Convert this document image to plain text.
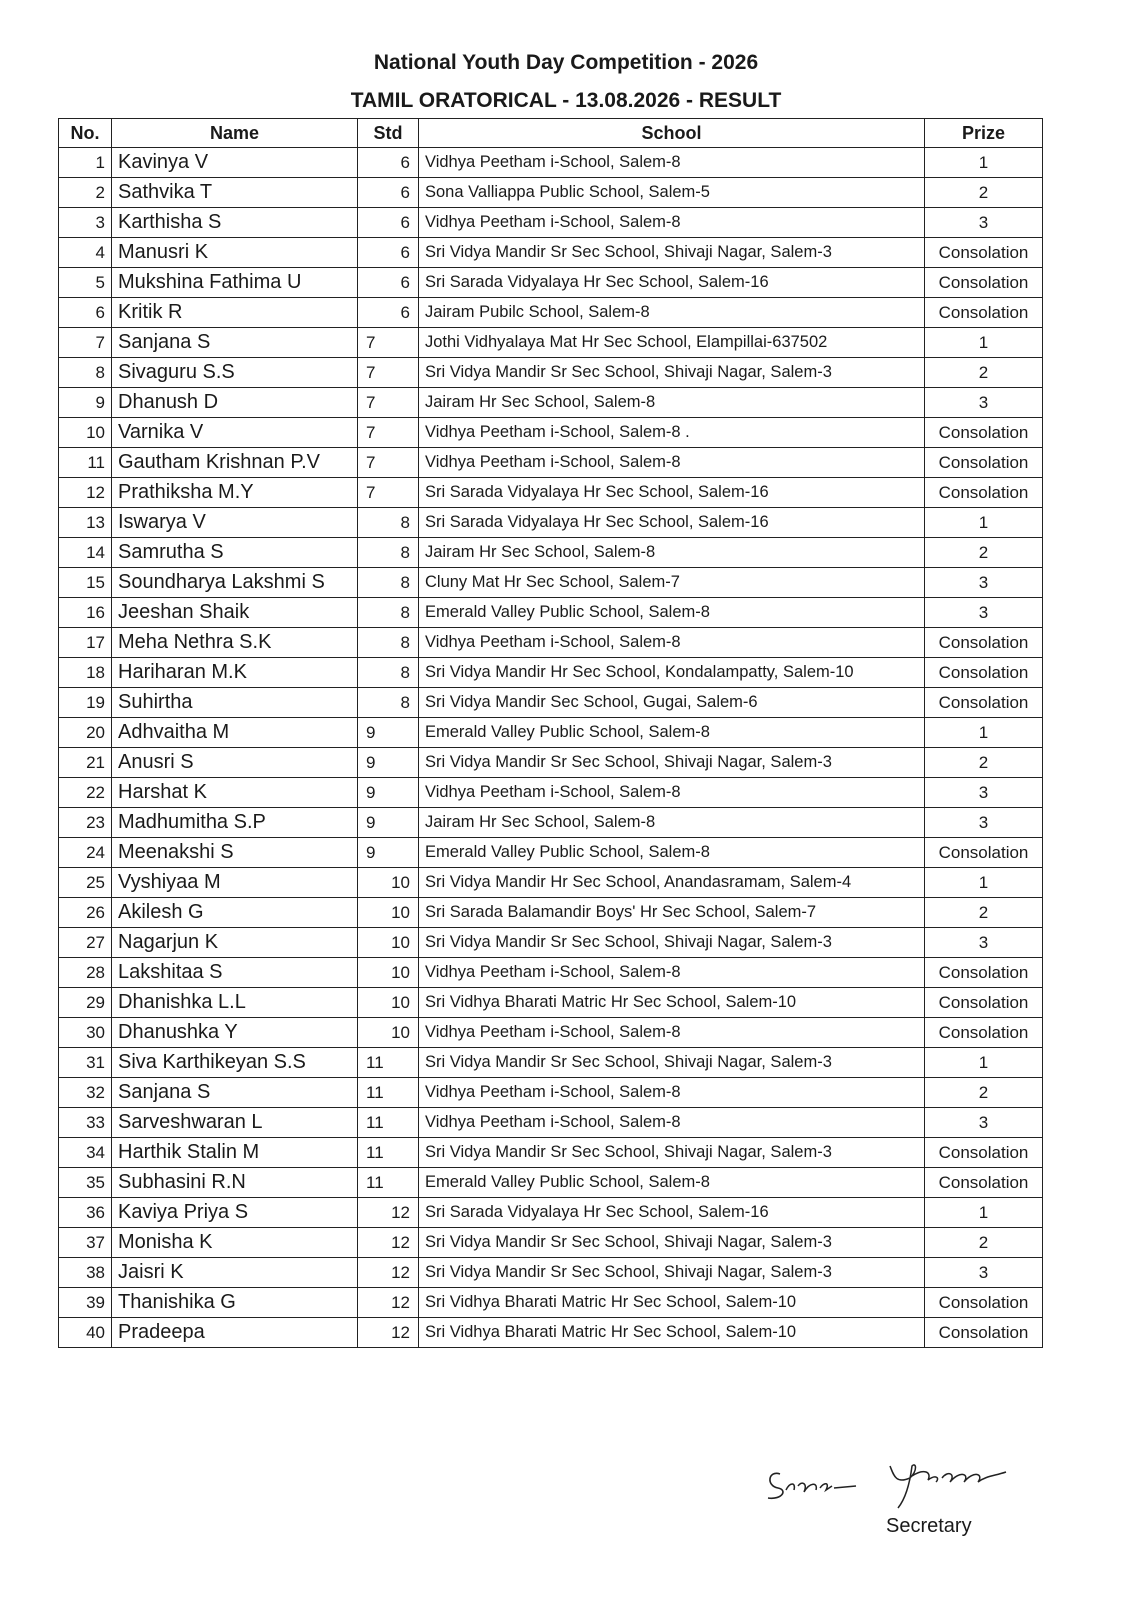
National Youth Day Competition - 2026
TAMIL ORATORICAL - 13.08.2026 - RESULT
No.	Name	Std	School	Prize
1	Kavinya V	6	Vidhya Peetham i-School, Salem-8	1
2	Sathvika T	6	Sona Valliappa Public School, Salem-5	2
3	Karthisha S	6	Vidhya Peetham i-School, Salem-8	3
4	Manusri K	6	Sri Vidya Mandir Sr Sec School, Shivaji Nagar, Salem-3	Consolation
5	Mukshina Fathima U	6	Sri Sarada Vidyalaya Hr Sec School, Salem-16	Consolation
6	Kritik R	6	Jairam Pubilc School, Salem-8	Consolation
7	Sanjana S	7	Jothi Vidhyalaya Mat Hr Sec School, Elampillai-637502	1
8	Sivaguru S.S	7	Sri Vidya Mandir Sr Sec School, Shivaji Nagar, Salem-3	2
9	Dhanush D	7	Jairam Hr Sec School, Salem-8	3
10	Varnika V	7	Vidhya Peetham i-School, Salem-8 .	Consolation
11	Gautham Krishnan P.V	7	Vidhya Peetham i-School, Salem-8	Consolation
12	Prathiksha M.Y	7	Sri Sarada Vidyalaya Hr Sec School, Salem-16	Consolation
13	Iswarya V	8	Sri Sarada Vidyalaya Hr Sec School, Salem-16	1
14	Samrutha S	8	Jairam Hr Sec School, Salem-8	2
15	Soundharya Lakshmi S	8	Cluny Mat Hr Sec School, Salem-7	3
16	Jeeshan Shaik	8	Emerald Valley Public School, Salem-8	3
17	Meha Nethra S.K	8	Vidhya Peetham i-School, Salem-8	Consolation
18	Hariharan M.K	8	Sri Vidya Mandir Hr Sec School, Kondalampatty, Salem-10	Consolation
19	Suhirtha	8	Sri Vidya Mandir Sec School, Gugai, Salem-6	Consolation
20	Adhvaitha M	9	Emerald Valley Public School, Salem-8	1
21	Anusri S	9	Sri Vidya Mandir Sr Sec School, Shivaji Nagar, Salem-3	2
22	Harshat K	9	Vidhya Peetham i-School, Salem-8	3
23	Madhumitha S.P	9	Jairam Hr Sec School, Salem-8	3
24	Meenakshi S	9	Emerald Valley Public School, Salem-8	Consolation
25	Vyshiyaa M	10	Sri Vidya Mandir Hr Sec School, Anandasramam, Salem-4	1
26	Akilesh G	10	Sri Sarada Balamandir Boys' Hr Sec School, Salem-7	2
27	Nagarjun K	10	Sri Vidya Mandir Sr Sec School, Shivaji Nagar, Salem-3	3
28	Lakshitaa S	10	Vidhya Peetham i-School, Salem-8	Consolation
29	Dhanishka L.L	10	Sri Vidhya Bharati Matric Hr Sec School, Salem-10	Consolation
30	Dhanushka Y	10	Vidhya Peetham i-School, Salem-8	Consolation
31	Siva Karthikeyan S.S	11	Sri Vidya Mandir Sr Sec School, Shivaji Nagar, Salem-3	1
32	Sanjana S	11	Vidhya Peetham i-School, Salem-8	2
33	Sarveshwaran L	11	Vidhya Peetham i-School, Salem-8	3
34	Harthik Stalin M	11	Sri Vidya Mandir Sr Sec School, Shivaji Nagar, Salem-3	Consolation
35	Subhasini R.N	11	Emerald Valley Public School, Salem-8	Consolation
36	Kaviya Priya S	12	Sri Sarada Vidyalaya Hr Sec School, Salem-16	1
37	Monisha K	12	Sri Vidya Mandir Sr Sec School, Shivaji Nagar, Salem-3	2
38	Jaisri K	12	Sri Vidya Mandir Sr Sec School, Shivaji Nagar, Salem-3	3
39	Thanishika G	12	Sri Vidhya Bharati Matric Hr Sec School, Salem-10	Consolation
40	Pradeepa	12	Sri Vidhya Bharati Matric Hr Sec School, Salem-10	Consolation
Secretary
